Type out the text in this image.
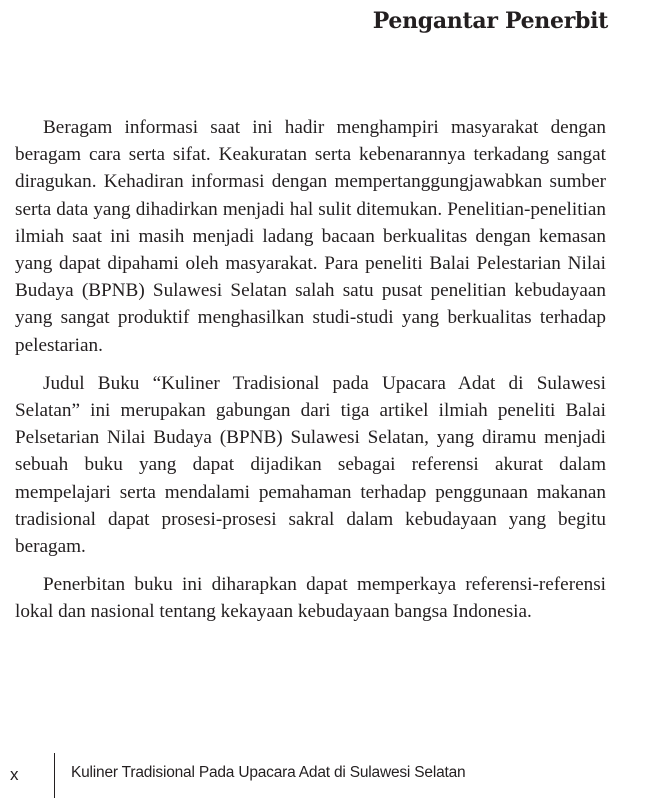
Pengantar Penerbit

Beragam informasi saat ini hadir menghampiri masyarakat dengan beragam cara serta sifat. Keakuratan serta kebenarannya terkadang sangat diragukan. Kehadiran informasi dengan mempertanggungjawabkan sumber serta data yang dihadirkan menjadi hal sulit ditemukan. Penelitian-penelitian ilmiah saat ini masih menjadi ladang bacaan berkualitas dengan kemasan yang dapat dipahami oleh masyarakat. Para peneliti Balai Pelestarian Nilai Budaya (BPNB) Sulawesi Selatan salah satu pusat penelitian kebudayaan yang sangat produktif menghasilkan studi-studi yang berkualitas terhadap pelestarian.

Judul Buku “Kuliner Tradisional pada Upacara Adat di Sulawesi Selatan” ini merupakan gabungan dari tiga artikel ilmiah peneliti Balai Pelsetarian Nilai Budaya (BPNB) Sulawesi Selatan, yang diramu menjadi sebuah buku yang dapat dijadikan sebagai referensi akurat dalam mempelajari serta mendalami pemahaman terhadap penggunaan makanan tradisional dapat prosesi-prosesi sakral dalam kebudayaan yang begitu beragam.

Penerbitan buku ini diharapkan dapat memperkaya referensi-referensi lokal dan nasional tentang kekayaan kebudayaan bangsa Indonesia.

x	Kuliner Tradisional Pada Upacara Adat di Sulawesi Selatan
